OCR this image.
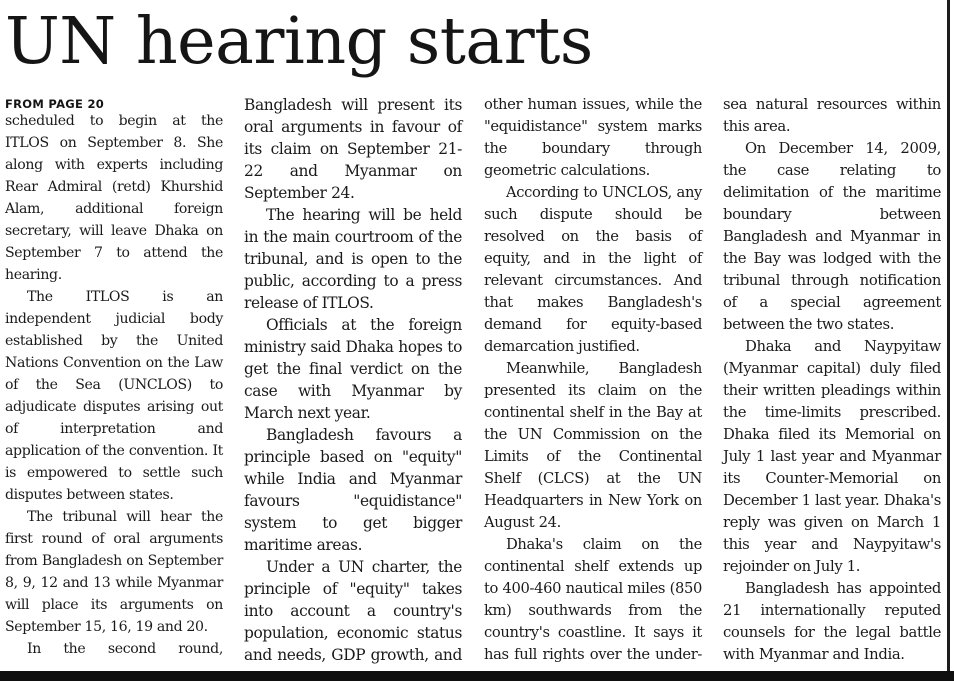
UN hearing starts
FROM PAGE 20

scheduled to begin at the ITLOS on September 8. She along with experts including Rear Admiral (retd) Khurshid Alam, additional foreign secretary, will leave Dhaka on September 7 to attend the hearing.

The ITLOS is an independent judicial body established by the United Nations Convention on the Law of the Sea (UNCLOS) to adjudicate disputes arising out of interpretation and application of the convention. It is empowered to settle such disputes between states.

The tribunal will hear the first round of oral arguments from Bangladesh on September 8, 9, 12 and 13 while Myanmar will place its arguments on September 15, 16, 19 and 20.

In the second round,

Bangladesh will present its oral arguments in favour of its claim on September 21-22 and Myanmar on September 24.

The hearing will be held in the main courtroom of the tribunal, and is open to the public, according to a press release of ITLOS.

Officials at the foreign ministry said Dhaka hopes to get the final verdict on the case with Myanmar by March next year.

Bangladesh favours a principle based on "equity" while India and Myanmar favours "equidistance" system to get bigger maritime areas.

Under a UN charter, the principle of "equity" takes into account a country's population, economic status and needs, GDP growth, and

other human issues, while the "equidistance" system marks the boundary through geometric calculations.

According to UNCLOS, any such dispute should be resolved on the basis of equity, and in the light of relevant circumstances. And that makes Bangladesh's demand for equity-based demarcation justified.

Meanwhile, Bangladesh presented its claim on the continental shelf in the Bay at the UN Commission on the Limits of the Continental Shelf (CLCS) at the UN Headquarters in New York on August 24.

Dhaka's claim on the continental shelf extends up to 400-460 nautical miles (850 km) southwards from the country's coastline. It says it has full rights over the under-

sea natural resources within this area.

On December 14, 2009, the case relating to delimitation of the maritime boundary between Bangladesh and Myanmar in the Bay was lodged with the tribunal through notification of a special agreement between the two states.

Dhaka and Naypyitaw (Myanmar capital) duly filed their written pleadings within the time-limits prescribed. Dhaka filed its Memorial on July 1 last year and Myanmar its Counter-Memorial on December 1 last year. Dhaka's reply was given on March 1 this year and Naypyitaw's rejoinder on July 1.

Bangladesh has appointed 21 internationally reputed counsels for the legal battle with Myanmar and India.
